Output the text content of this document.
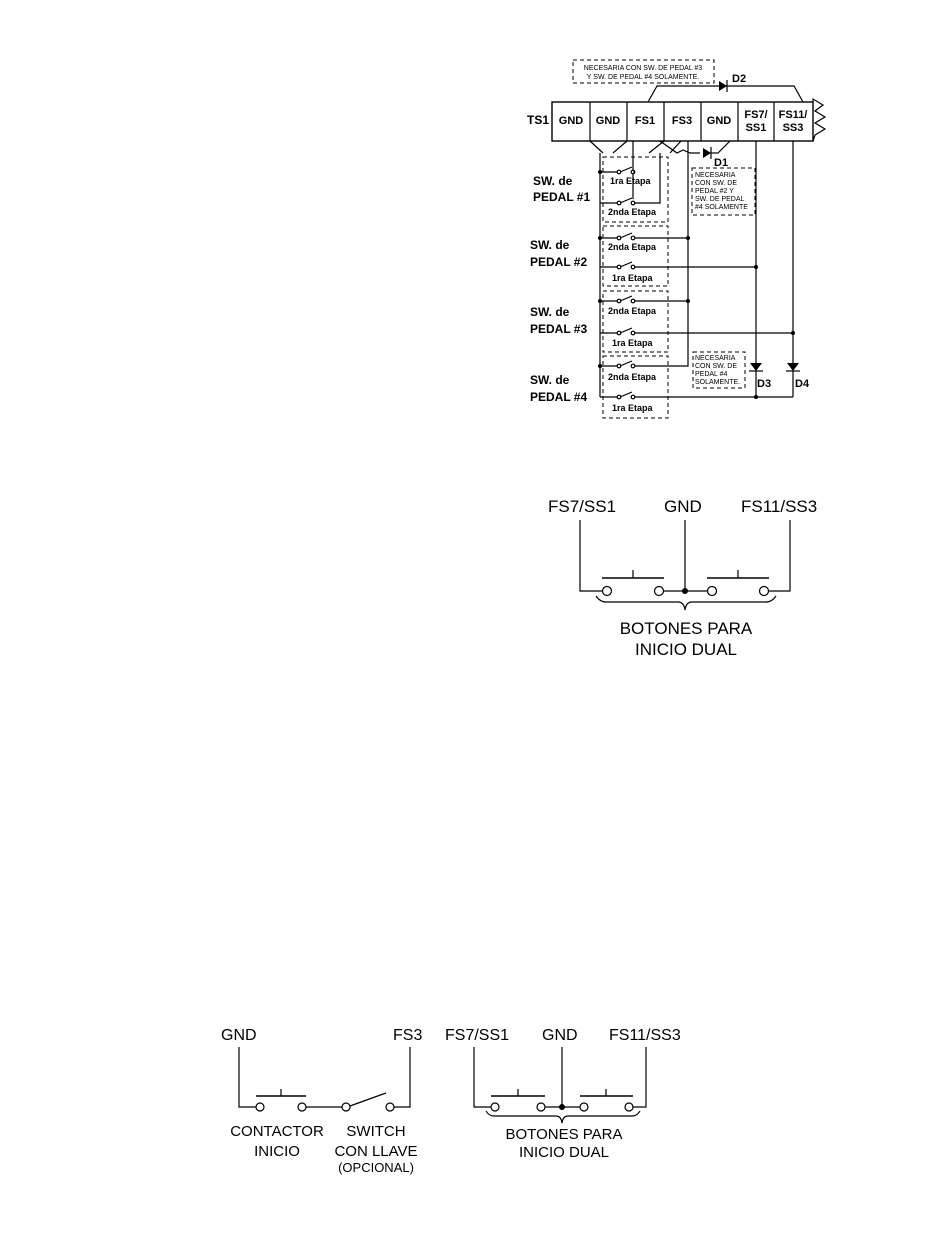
NECESARIA CON SW. DE PEDAL #3
Y SW. DE PEDAL #4 SOLAMENTE.	D2
TS1 GND GND FS1 FS3 GND FS7/
SS1
FS11/
SS3
D1
NECESARIA
CON SW. DE
PEDAL #2 Y
SW. DE PEDAL
#4 SOLAMENTE
SW. de
PEDAL #1
1ra Etapa
2nda Etapa
SW. de
PEDAL #2
2nda Etapa
1ra Etapa
SW. de
PEDAL #3
2nda Etapa
1ra Etapa
SW. de
PEDAL #4
2nda Etapa
1ra Etapa
NECESARIA
CON SW. DE
PEDAL #4
SOLAMENTE. D3 D4
FS7/SS1	GND FS11/SS3
BOTONES PARA
INICIO DUAL
GND	FS3 FS7/SS1 GND FS11/SS3
CONTACTOR
INICIO
SWITCH
CON LLAVE
(OPCIONAL)
BOTONES PARA
INICIO DUAL
